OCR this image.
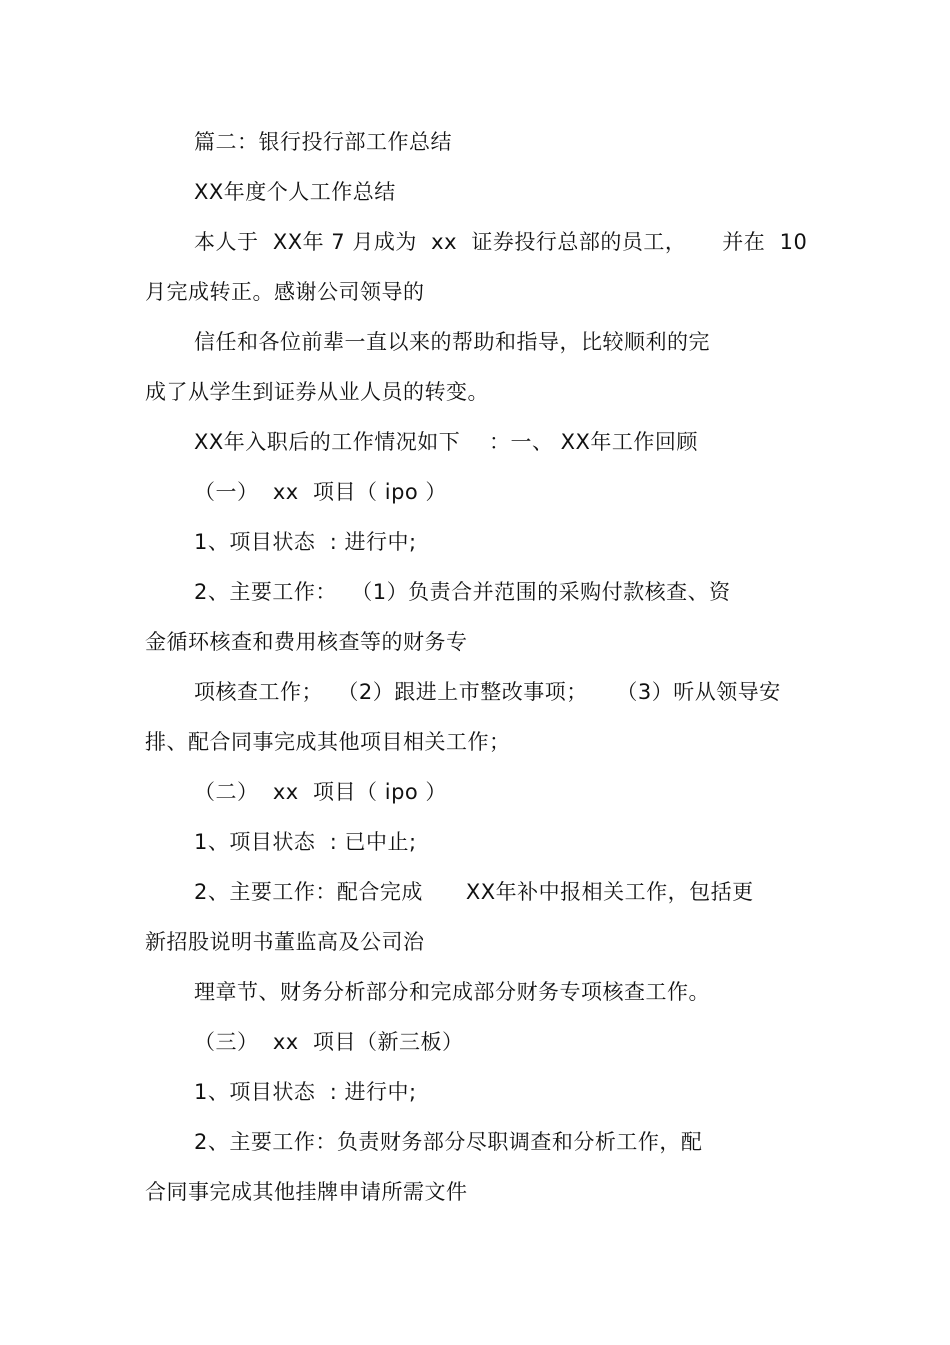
篇二：银行投行部工作总结
XX年度个人工作总结
本人于  XX年 7 月成为  xx  证券投行总部的员工，     并在  10
月完成转正。感谢公司领导的
信任和各位前辈一直以来的帮助和指导，比较顺利的完
成了从学生到证券从业人员的转变。
XX年入职后的工作情况如下    ：一、 XX年工作回顾
（一）  xx  项目（ ipo ）
1、项目状态  : 进行中;
2、主要工作：  （1）负责合并范围的采购付款核查、资
金循环核查和费用核查等的财务专
项核查工作；  （2）跟进上市整改事项；    （3）听从领导安
排、配合同事完成其他项目相关工作；
（二）  xx  项目（ ipo ）
1、项目状态  : 已中止;
2、主要工作：配合完成      XX年补中报相关工作，包括更
新招股说明书董监高及公司治
理章节、财务分析部分和完成部分财务专项核查工作。
（三）  xx  项目（新三板）
1、项目状态  : 进行中;
2、主要工作：负责财务部分尽职调查和分析工作，配
合同事完成其他挂牌申请所需文件
